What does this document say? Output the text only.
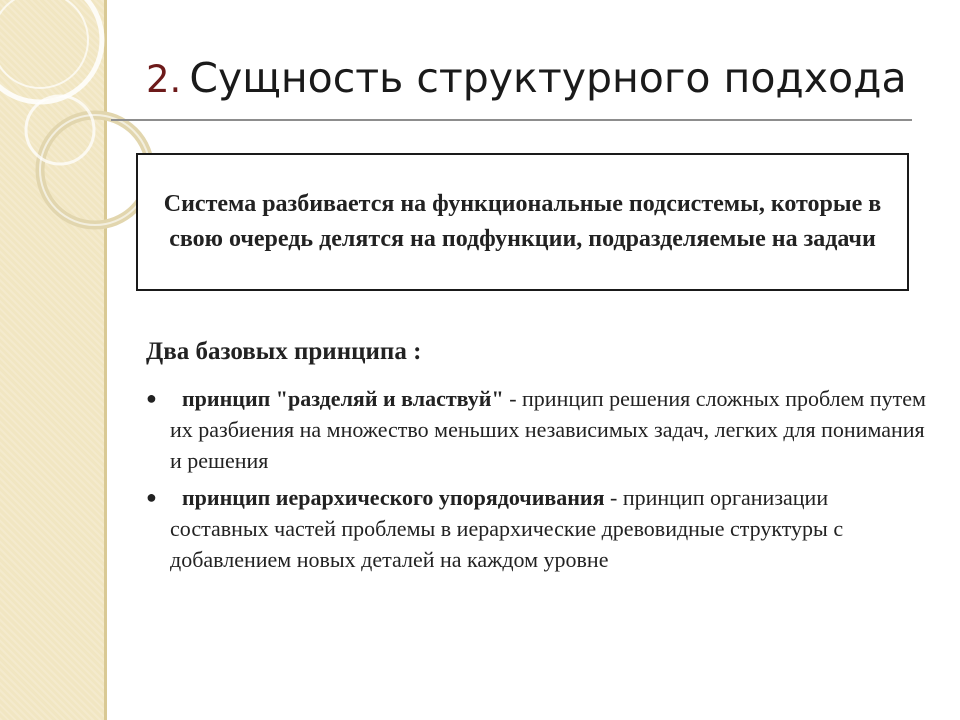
2. Сущность структурного подхода
Система разбивается на функциональные подсистемы, которые в свою очередь делятся на подфункции, подразделяемые на задачи
Два базовых принципа :
●	принцип "разделяй и властвуй" - принцип решения сложных проблем путем их разбиения на множество меньших независимых задач, легких для понимания и решения
●	принцип иерархического упорядочивания - принцип организации составных частей проблемы в иерархические древовидные структуры с добавлением новых деталей на каждом уровне
